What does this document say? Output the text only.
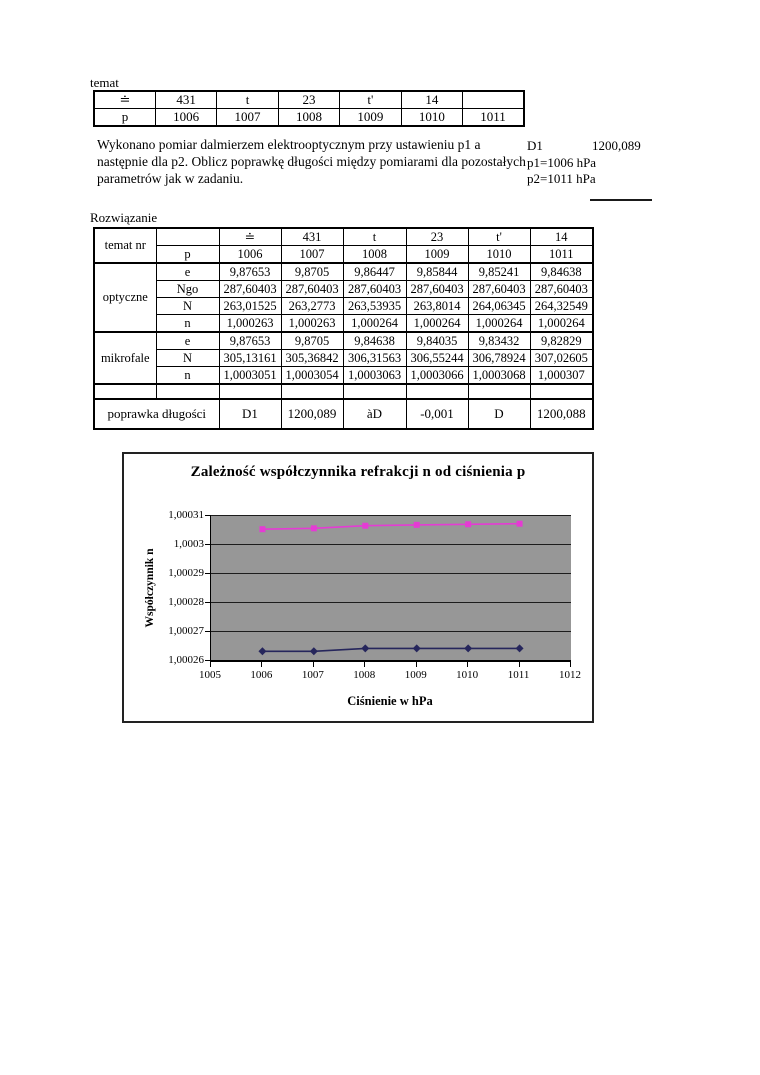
temat
≐	431	t	23	t'	14	
p	1006	1007	1008	1009	1010	1011
Wykonano pomiar dalmierzem elektrooptycznym przy ustawieniu p1 a następnie dla p2. Oblicz poprawkę długości między pomiarami dla pozostałych parametrów jak w zadaniu.
D1	1200,089
p1=1006 hPa
p2=1011 hPa
Rozwiązanie
temat nr		≐	431	t	23	t'	14
	p	1006	1007	1008	1009	1010	1011
optyczne	e	9,87653	9,8705	9,86447	9,85844	9,85241	9,84638
	Ngo	287,60403	287,60403	287,60403	287,60403	287,60403	287,60403
	N	263,01525	263,2773	263,53935	263,8014	264,06345	264,32549
	n	1,000263	1,000263	1,000264	1,000264	1,000264	1,000264
mikrofale	e	9,87653	9,8705	9,84638	9,84035	9,83432	9,82829
	N	305,13161	305,36842	306,31563	306,55244	306,78924	307,02605
	n	1,0003051	1,0003054	1,0003063	1,0003066	1,0003068	1,000307

poprawka długości		D1	1200,089	àD	-0,001	D	1200,088
Zależność współczynnika refrakcji n od ciśnienia p
Współczynnik n
Ciśnienie w hPa
1,00026
1,00027
1,00028
1,00029
1,0003
1,00031
1005	1006	1007	1008	1009	1010	1011	1012
